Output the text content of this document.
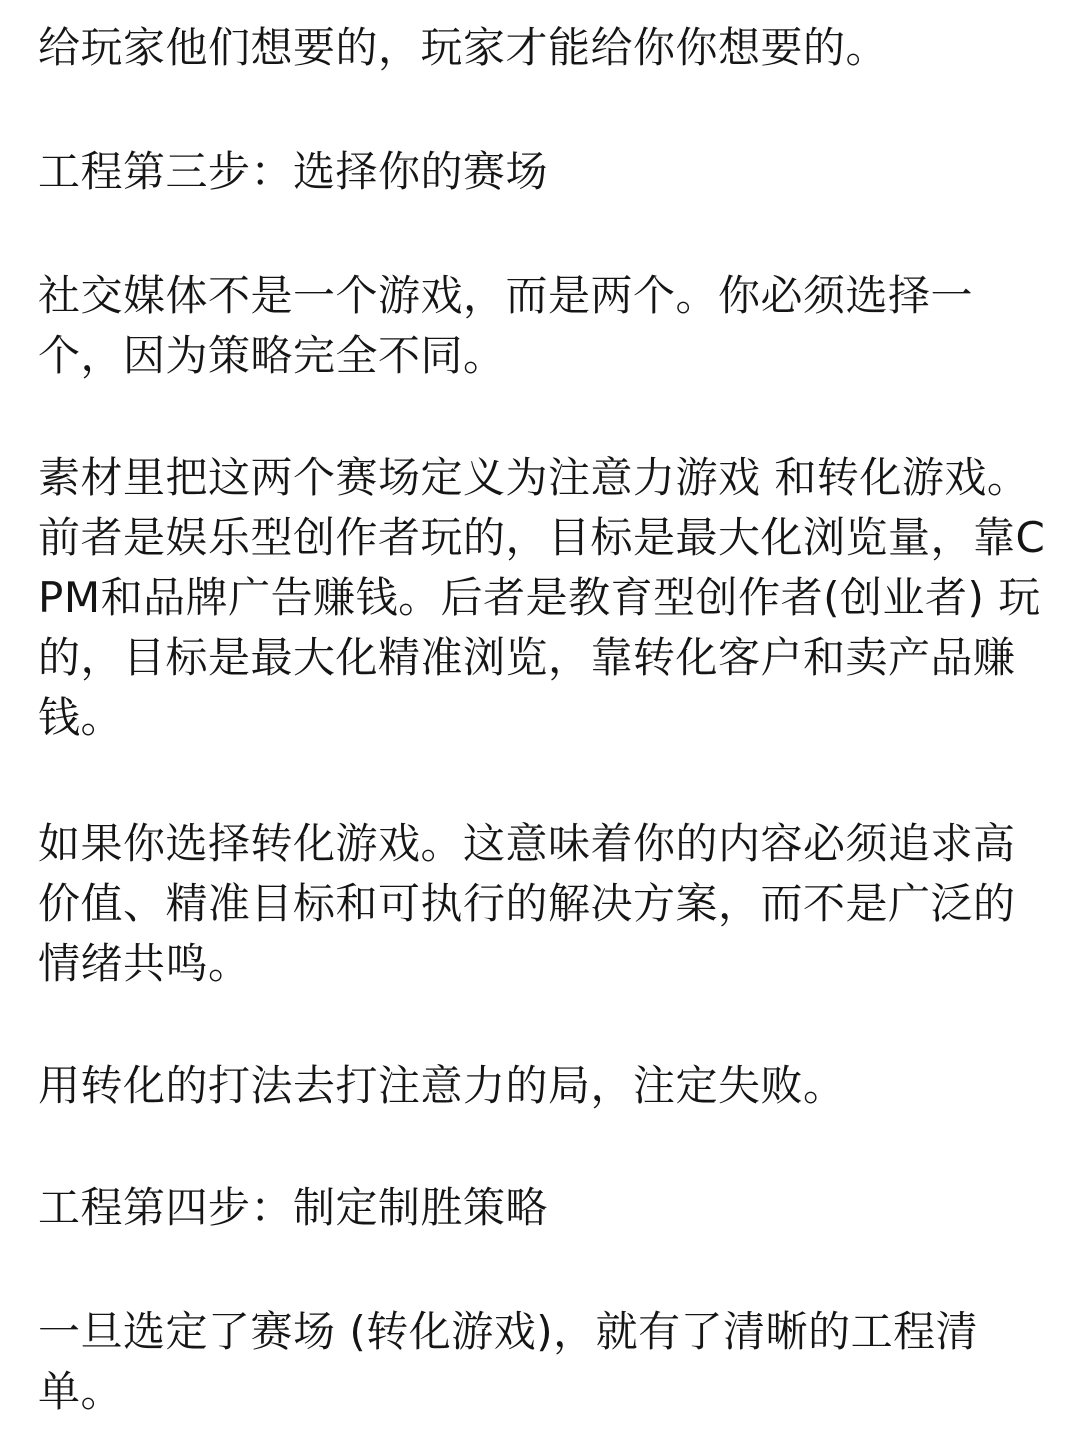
给玩家他们想要的，玩家才能给你你想要的。

工程第三步：选择你的赛场

社交媒体不是一个游戏，而是两个。你必须选择一个，因为策略完全不同。

素材里把这两个赛场定义为注意力游戏 和转化游戏。前者是娱乐型创作者玩的，目标是最大化浏览量，靠CPM和品牌广告赚钱。后者是教育型创作者(创业者) 玩的，目标是最大化精准浏览，靠转化客户和卖产品赚钱。

如果你选择转化游戏。这意味着你的内容必须追求高价值、精准目标和可执行的解决方案，而不是广泛的情绪共鸣。

用转化的打法去打注意力的局，注定失败。

工程第四步：制定制胜策略

一旦选定了赛场 (转化游戏)，就有了清晰的工程清单。
